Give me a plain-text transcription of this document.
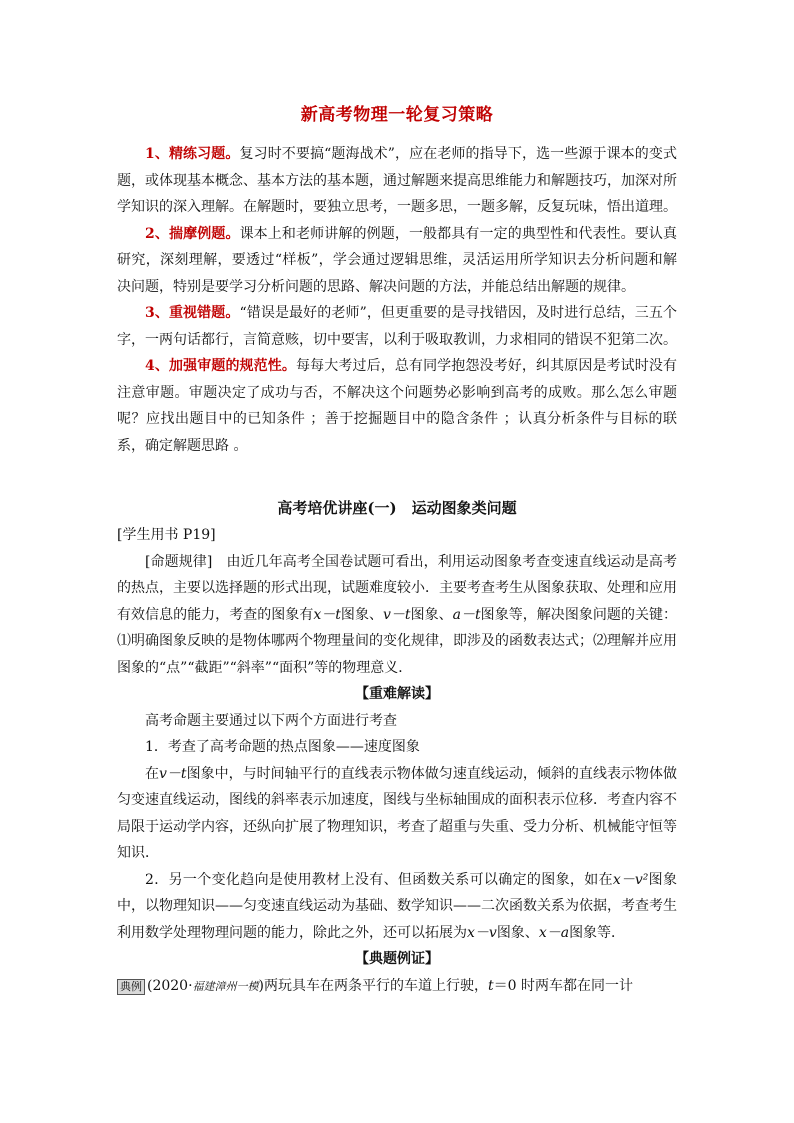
新高考物理一轮复习策略

1、精练习题。复习时不要搞“题海战术”，应在老师的指导下，选一些源于课本的变式题，或体现基本概念、基本方法的基本题，通过解题来提高思维能力和解题技巧，加深对所学知识的深入理解。在解题时，要独立思考，一题多思，一题多解，反复玩味，悟出道理。

2、揣摩例题。课本上和老师讲解的例题，一般都具有一定的典型性和代表性。要认真研究，深刻理解，要透过“样板”，学会通过逻辑思维，灵活运用所学知识去分析问题和解决问题，特别是要学习分析问题的思路、解决问题的方法，并能总结出解题的规律。

3、重视错题。“错误是最好的老师”，但更重要的是寻找错因，及时进行总结，三五个字，一两句话都行，言简意赅，切中要害，以利于吸取教训，力求相同的错误不犯第二次。

4、加强审题的规范性。每每大考过后，总有同学抱怨没考好，纠其原因是考试时没有注意审题。审题决定了成功与否，不解决这个问题势必影响到高考的成败。那么怎么审题呢？应找出题目中的已知条件 ；善于挖掘题目中的隐含条件 ；认真分析条件与目标的联系，确定解题思路 。

高考培优讲座(一)　运动图象类问题

[学生用书 P19]

[命题规律]　由近几年高考全国卷试题可看出，利用运动图象考查变速直线运动是高考的热点，主要以选择题的形式出现，试题难度较小．主要考查考生从图象获取、处理和应用有效信息的能力，考查的图象有x－t图象、v－t图象、a－t图象等，解决图象问题的关键：⑴明确图象反映的是物体哪两个物理量间的变化规律，即涉及的函数表达式；⑵理解并应用图象的“点”“截距”“斜率”“面积”等的物理意义．

【重难解读】

高考命题主要通过以下两个方面进行考查

1．考查了高考命题的热点图象——速度图象

在v－t图象中，与时间轴平行的直线表示物体做匀速直线运动，倾斜的直线表示物体做匀变速直线运动，图线的斜率表示加速度，图线与坐标轴围成的面积表示位移．考查内容不局限于运动学内容，还纵向扩展了物理知识，考查了超重与失重、受力分析、机械能守恒等知识．

2．另一个变化趋向是使用教材上没有、但函数关系可以确定的图象，如在x－v²图象中，以物理知识——匀变速直线运动为基础、数学知识——二次函数关系为依据，考查考生利用数学处理物理问题的能力，除此之外，还可以拓展为x－v图象、x－a图象等．

【典题例证】

典例 (2020·福建漳州一模)两玩具车在两条平行的车道上行驶，t＝0 时两车都在同一计
